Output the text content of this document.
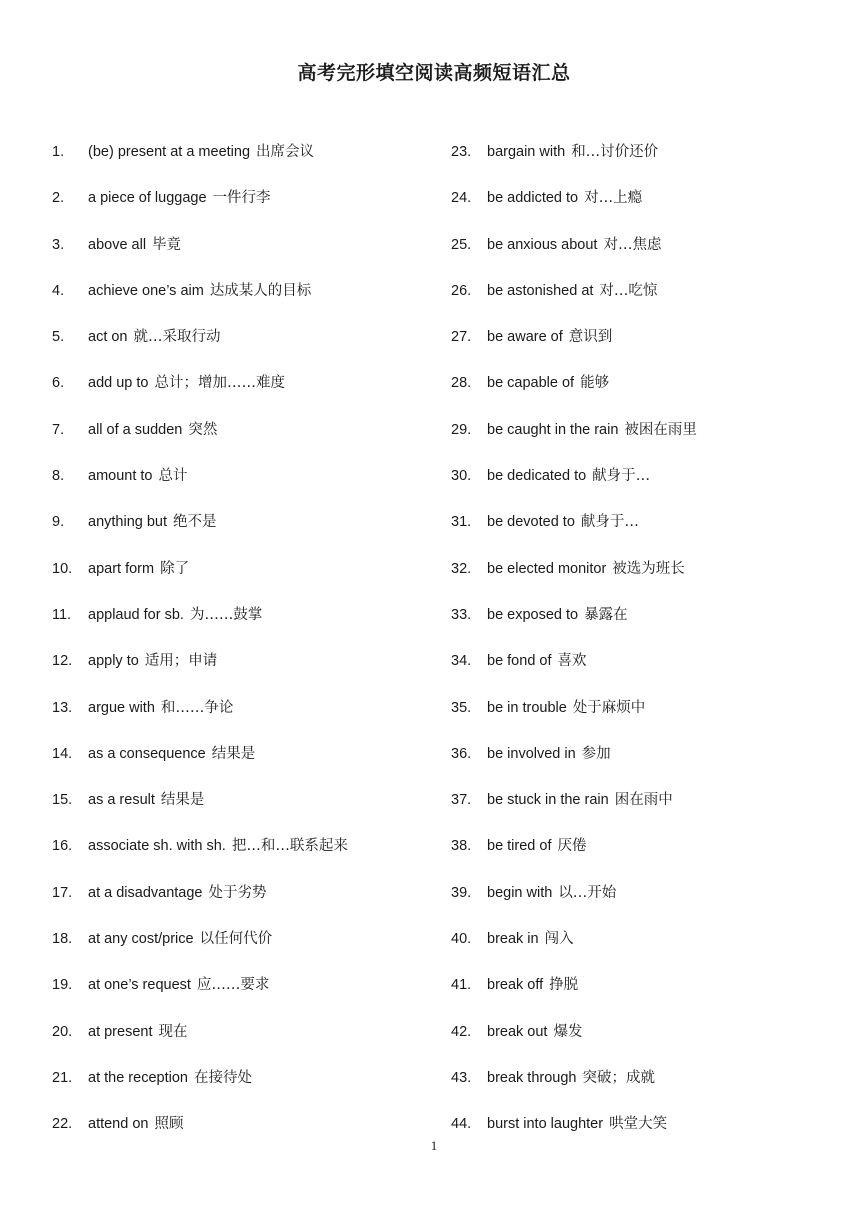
高考完形填空阅读高频短语汇总
1.	(be) present at a meeting 出席会议
2.	a piece of luggage 一件行李
3.	above all 毕竟
4.	achieve one’s aim 达成某人的目标
5.	act on 就…采取行动
6.	add up to 总计；增加……难度
7.	all of a sudden 突然
8.	amount to 总计
9.	anything but 绝不是
10.	apart form 除了
11.	applaud for sb. 为……鼓掌
12.	apply to 适用；申请
13.	argue with 和……争论
14.	as a consequence 结果是
15.	as a result 结果是
16.	associate sh. with sh. 把…和…联系起来
17.	at a disadvantage 处于劣势
18.	at any cost/price 以任何代价
19.	at one’s request 应……要求
20.	at present 现在
21.	at the reception 在接待处
22.	attend on 照顾
23.	bargain with 和…讨价还价
24.	be addicted to 对…上瘾
25.	be anxious about 对…焦虑
26.	be astonished at 对…吃惊
27.	be aware of 意识到
28.	be capable of 能够
29.	be caught in the rain 被困在雨里
30.	be dedicated to 献身于…
31.	be devoted to 献身于…
32.	be elected monitor 被选为班长
33.	be exposed to 暴露在
34.	be fond of 喜欢
35.	be in trouble 处于麻烦中
36.	be involved in 参加
37.	be stuck in the rain 困在雨中
38.	be tired of 厌倦
39.	begin with 以…开始
40.	break in 闯入
41.	break off 挣脱
42.	break out 爆发
43.	break through 突破；成就
44.	burst into laughter 哄堂大笑
1
